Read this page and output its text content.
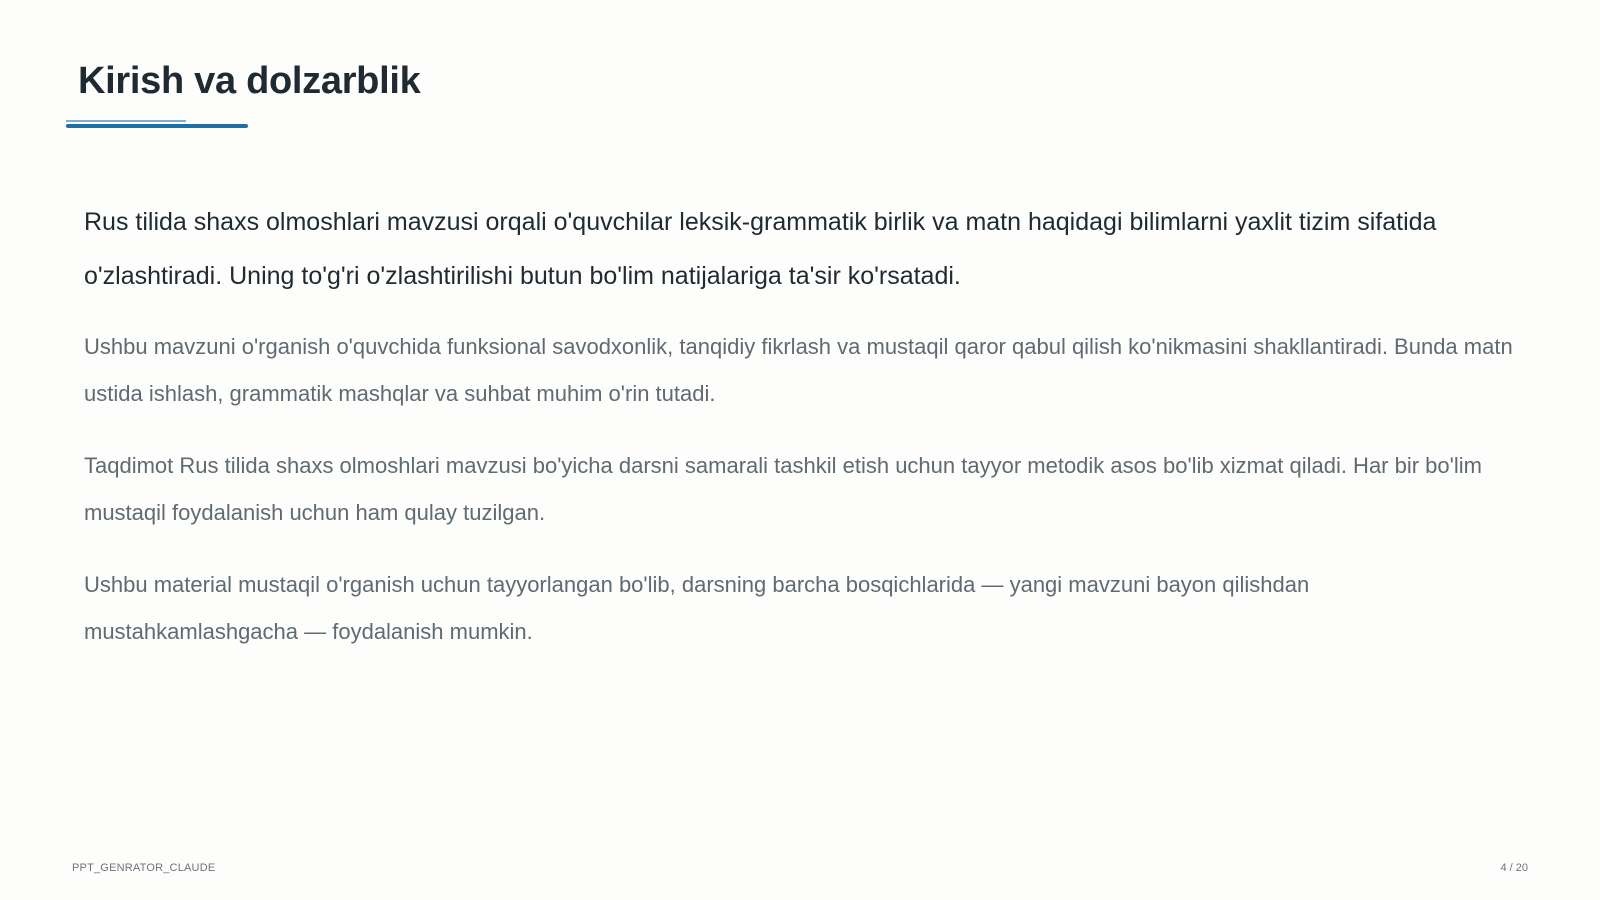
Kirish va dolzarblik

Rus tilida shaxs olmoshlari mavzusi orqali o'quvchilar leksik-grammatik birlik va matn haqidagi bilimlarni yaxlit tizim sifatida o'zlashtiradi. Uning to'g'ri o'zlashtirilishi butun bo'lim natijalariga ta'sir ko'rsatadi.

Ushbu mavzuni o'rganish o'quvchida funksional savodxonlik, tanqidiy fikrlash va mustaqil qaror qabul qilish ko'nikmasini shakllantiradi. Bunda matn ustida ishlash, grammatik mashqlar va suhbat muhim o'rin tutadi.

Taqdimot Rus tilida shaxs olmoshlari mavzusi bo'yicha darsni samarali tashkil etish uchun tayyor metodik asos bo'lib xizmat qiladi. Har bir bo'lim mustaqil foydalanish uchun ham qulay tuzilgan.

Ushbu material mustaqil o'rganish uchun tayyorlangan bo'lib, darsning barcha bosqichlarida — yangi mavzuni bayon qilishdan mustahkamlashgacha — foydalanish mumkin.

PPT_GENRATOR_CLAUDE	4 / 20
